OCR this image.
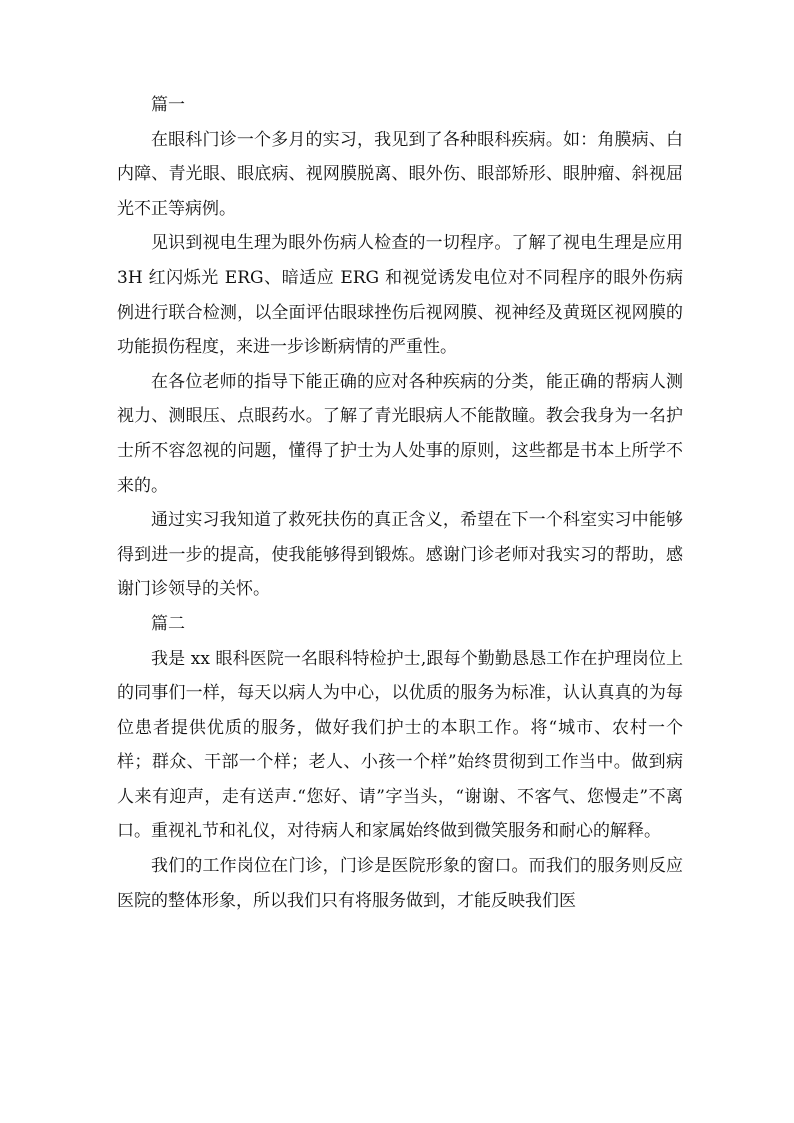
篇一

在眼科门诊一个多月的实习，我见到了各种眼科疾病。如：角膜病、白内障、青光眼、眼底病、视网膜脱离、眼外伤、眼部矫形、眼肿瘤、斜视屈光不正等病例。

见识到视电生理为眼外伤病人检查的一切程序。了解了视电生理是应用 3H 红闪烁光 ERG、暗适应 ERG 和视觉诱发电位对不同程序的眼外伤病例进行联合检测，以全面评估眼球挫伤后视网膜、视神经及黄斑区视网膜的功能损伤程度，来进一步诊断病情的严重性。

在各位老师的指导下能正确的应对各种疾病的分类，能正确的帮病人测视力、测眼压、点眼药水。了解了青光眼病人不能散瞳。教会我身为一名护士所不容忽视的问题，懂得了护士为人处事的原则，这些都是书本上所学不来的。

通过实习我知道了救死扶伤的真正含义，希望在下一个科室实习中能够得到进一步的提高，使我能够得到锻炼。感谢门诊老师对我实习的帮助，感谢门诊领导的关怀。

篇二

我是 xx 眼科医院一名眼科特检护士,跟每个勤勤恳恳工作在护理岗位上的同事们一样，每天以病人为中心，以优质的服务为标准，认认真真的为每位患者提供优质的服务，做好我们护士的本职工作。将“城市、农村一个样；群众、干部一个样；老人、小孩一个样”始终贯彻到工作当中。做到病人来有迎声，走有送声.“您好、请”字当头，“谢谢、不客气、您慢走”不离口。重视礼节和礼仪，对待病人和家属始终做到微笑服务和耐心的解释。

我们的工作岗位在门诊，门诊是医院形象的窗口。而我们的服务则反应医院的整体形象，所以我们只有将服务做到，才能反映我们医
